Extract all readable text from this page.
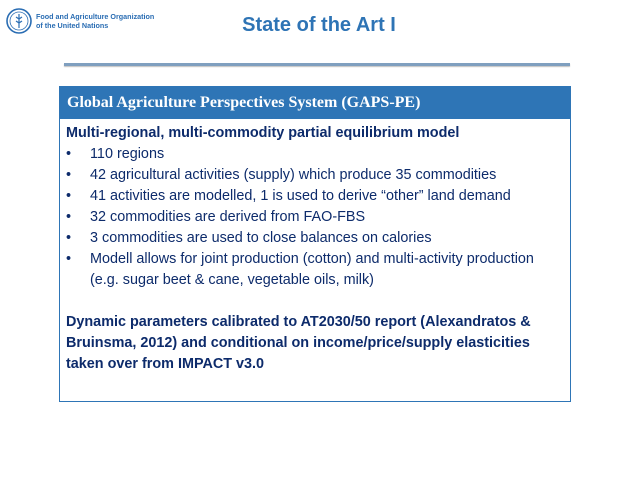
Food and Agriculture Organization
of the United Nations	State of the Art I
Global Agriculture Perspectives System (GAPS-PE)
Multi-regional, multi-commodity partial equilibrium model
• 110 regions
• 42 agricultural activities (supply) which produce 35 commodities
• 41 activities are modelled, 1 is used to derive “other” land demand
• 32 commodities are derived from FAO-FBS
• 3 commodities are used to close balances on calories
• Modell allows for joint production (cotton) and multi-activity production (e.g. sugar beet & cane, vegetable oils, milk)
Dynamic parameters calibrated to AT2030/50 report (Alexandratos & Bruinsma, 2012) and conditional on income/price/supply elasticities taken over from IMPACT v3.0
